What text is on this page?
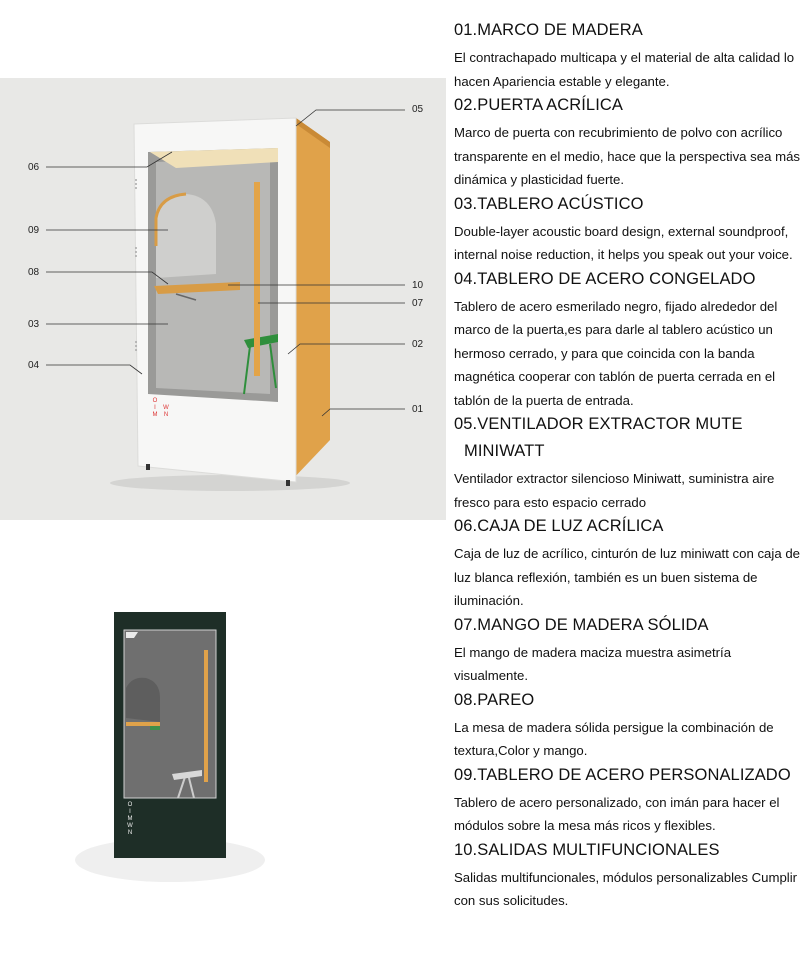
06
09
08
03
04
05
10
07
02
01
O
I
M
W
N
O
I
M
W
N
01.MARCO DE MADERA

El contrachapado multicapa y el material de alta calidad lo hacen Apariencia estable y elegante.

02.PUERTA ACRÍLICA

Marco de puerta con recubrimiento de polvo con acrílico transparente en el medio, hace que la perspectiva sea más dinámica y plasticidad fuerte.

03.TABLERO ACÚSTICO

Double-layer acoustic board design, external soundproof, internal noise reduction, it helps you speak out your voice.

04.TABLERO DE ACERO CONGELADO

Tablero de acero esmerilado negro, fijado alrededor del marco de la puerta,es para darle al tablero acústico un hermoso cerrado, y para que coincida con la banda magnética cooperar con tablón de puerta cerrada en el tablón de la puerta de entrada.

05.VENTILADOR EXTRACTOR MUTE
MINIWATT

Ventilador extractor silencioso Miniwatt, suministra aire fresco para esto espacio cerrado

06.CAJA DE LUZ ACRÍLICA

Caja de luz de acrílico, cinturón de luz miniwatt con caja de luz blanca reflexión, también es un buen sistema de iluminación.

07.MANGO DE MADERA SÓLIDA

El mango de madera maciza muestra asimetría visualmente.

08.PAREO

La mesa de madera sólida persigue la combinación de textura,Color y mango.

09.TABLERO DE ACERO PERSONALIZADO

Tablero de acero personalizado, con imán para hacer el módulos sobre la mesa más ricos y flexibles.

10.SALIDAS MULTIFUNCIONALES

Salidas multifuncionales, módulos personalizables Cumplir con sus solicitudes.
